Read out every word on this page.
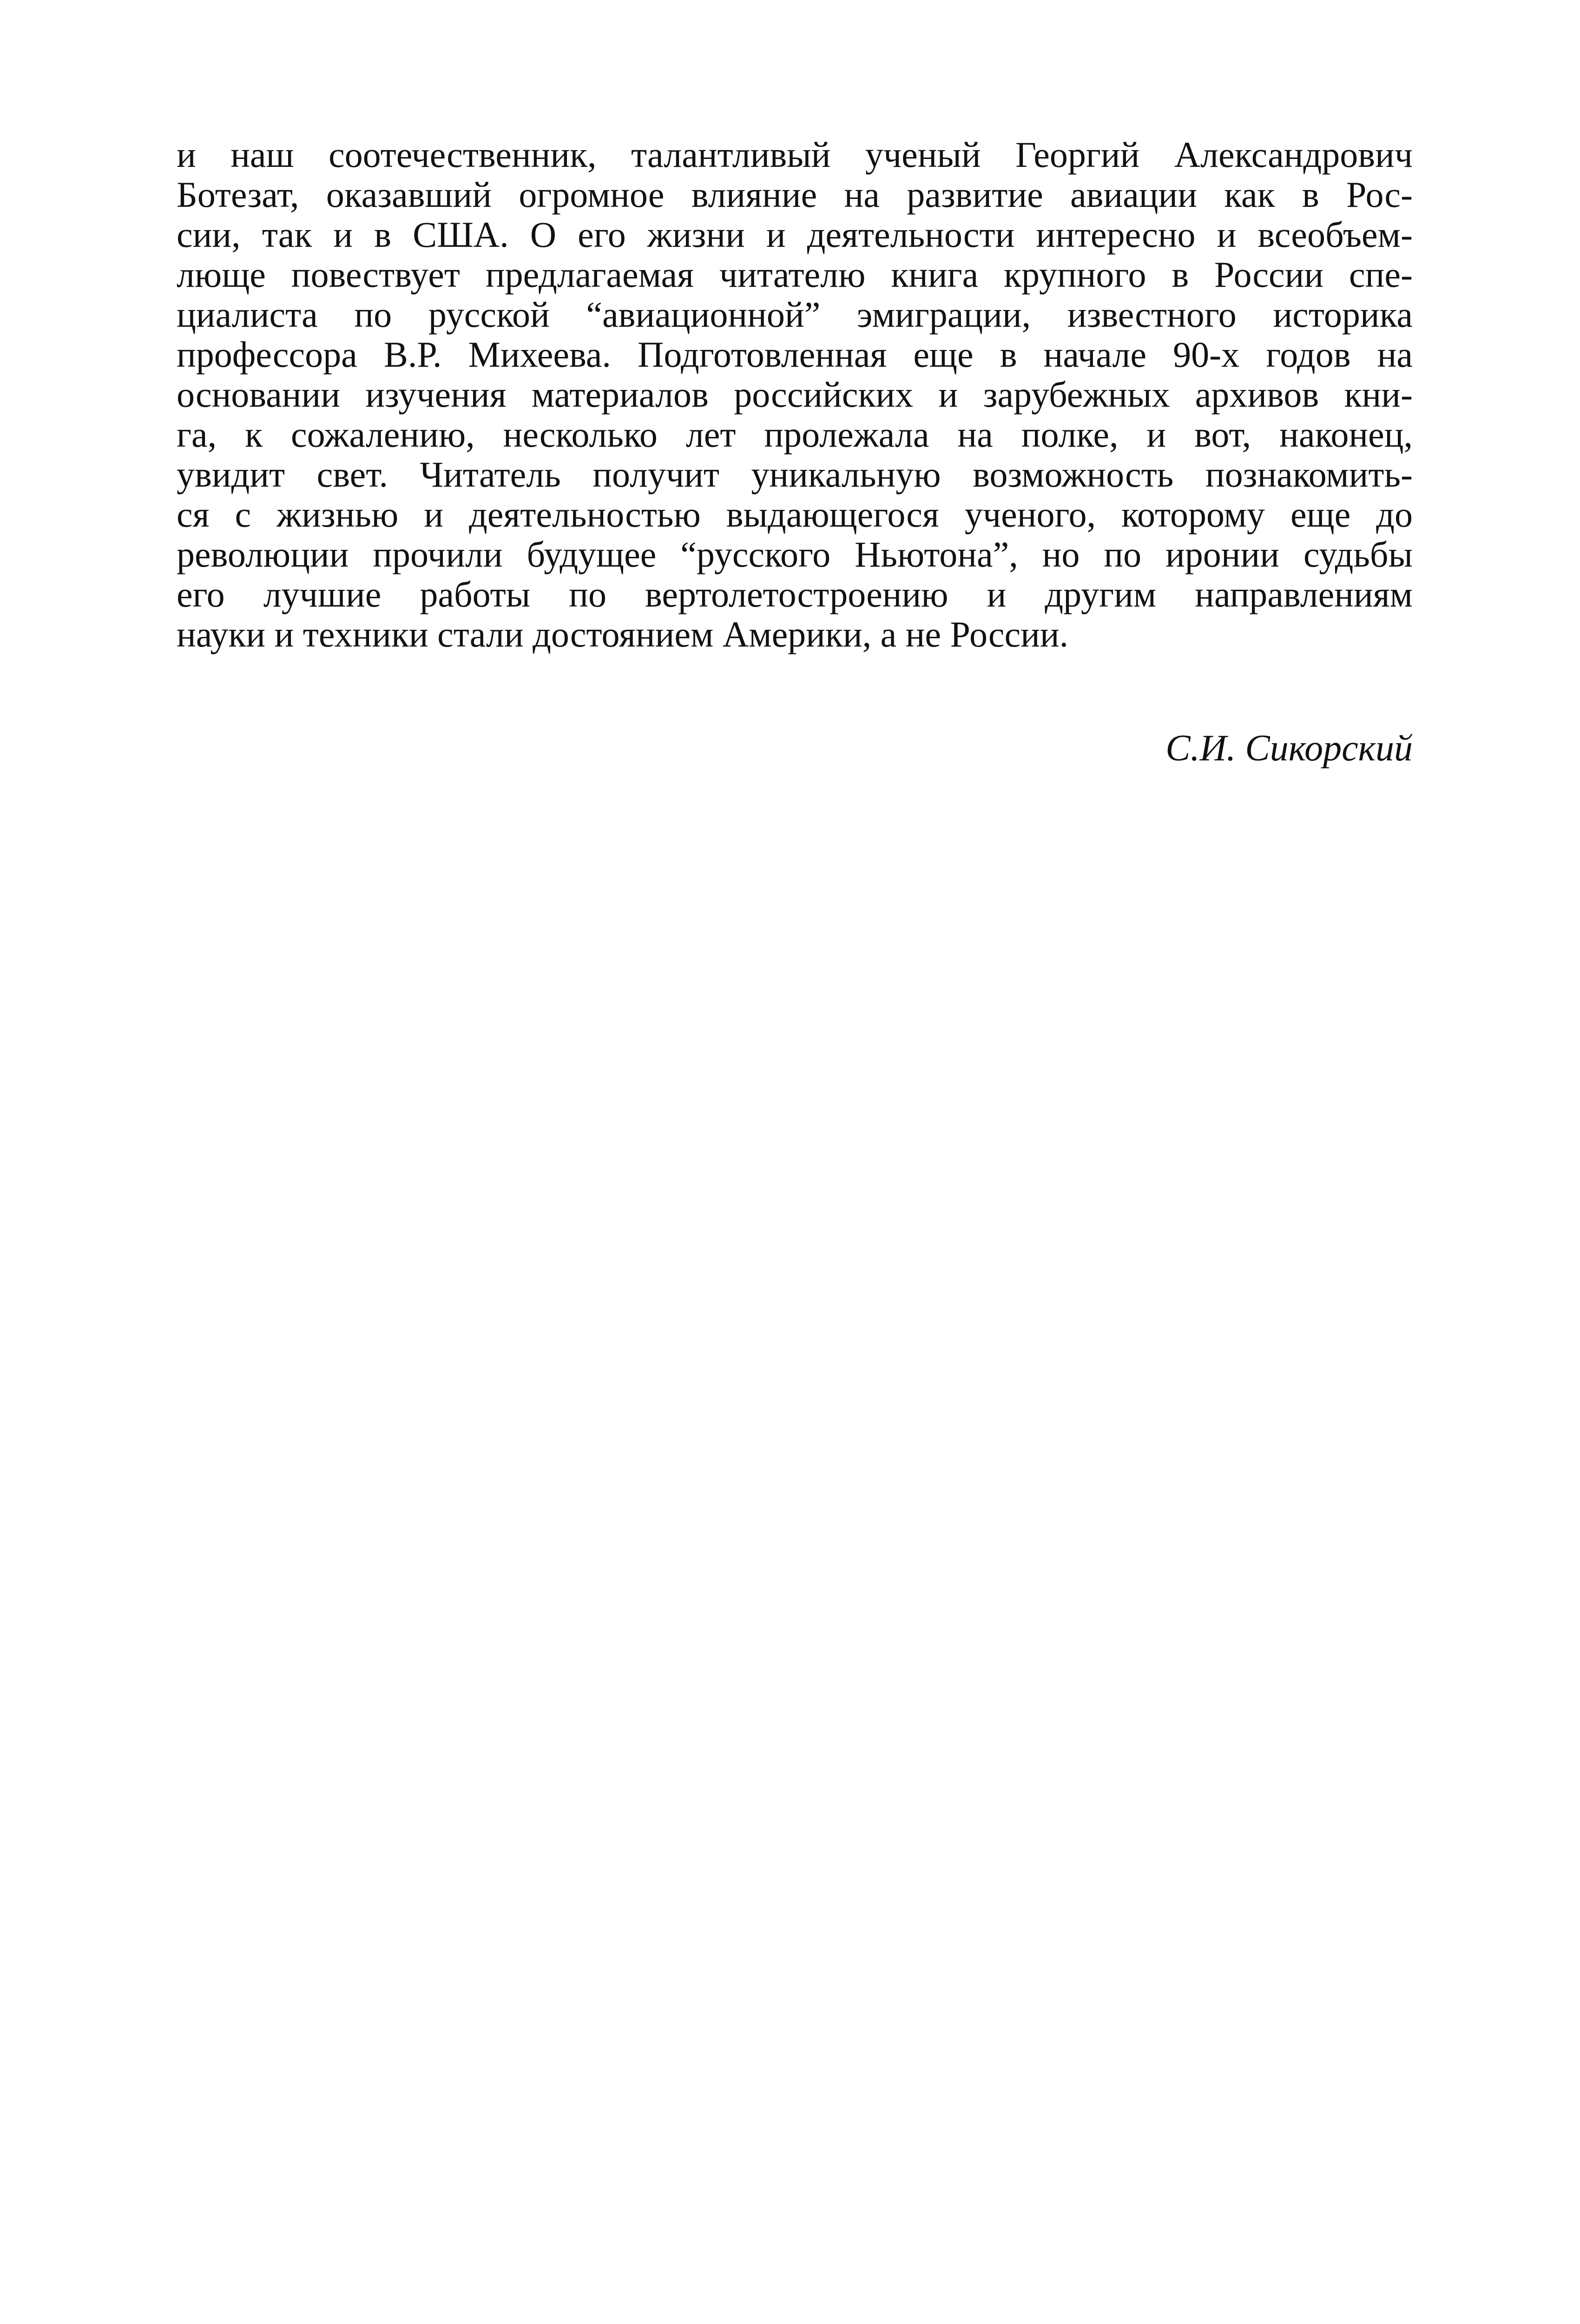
и наш соотечественник, талантливый ученый Георгий Александрович
Ботезат, оказавший огромное влияние на развитие авиации как в Рос-
сии, так и в США. О его жизни и деятельности интересно и всеобъем-
люще повествует предлагаемая читателю книга крупного в России спе-
циалиста по русской “авиационной” эмиграции, известного историка
профессора В.Р. Михеева. Подготовленная еще в начале 90-х годов на
основании изучения материалов российских и зарубежных архивов кни-
га, к сожалению, несколько лет пролежала на полке, и вот, наконец,
увидит свет. Читатель получит уникальную возможность познакомить-
ся с жизнью и деятельностью выдающегося ученого, которому еще до
революции прочили будущее “русского Ньютона”, но по иронии судьбы
его лучшие работы по вертолетостроению и другим направлениям
науки и техники стали достоянием Америки, а не России.
С.И. Сикорский
